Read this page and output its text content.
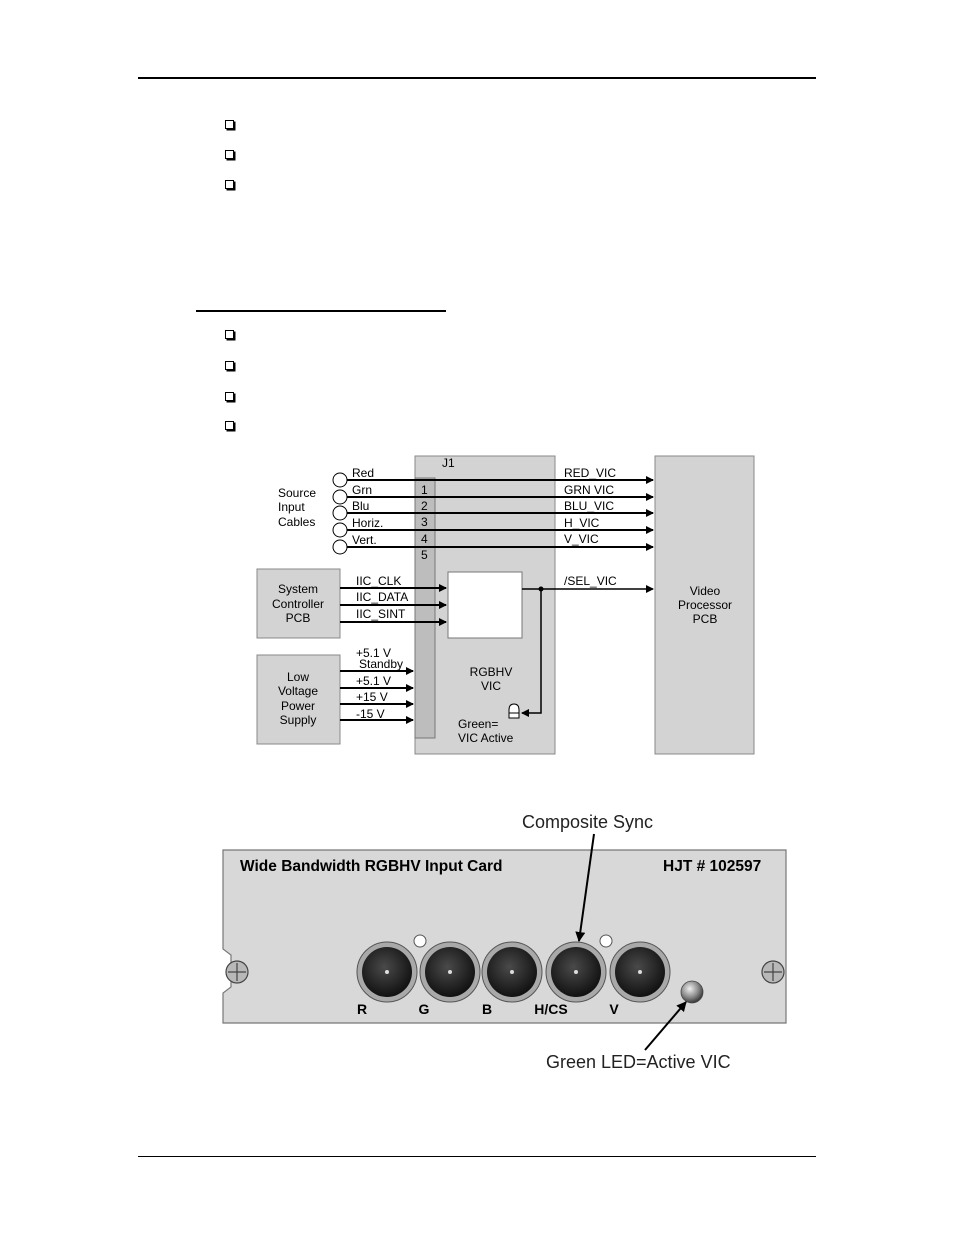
Source
Input
Cables
Red
Grn
Blu
Horiz.
Vert.
J1
1
2
3
4
5
RED_VIC
GRN VIC
BLU_VIC
H_VIC
V_VIC
System
Controller
PCB
IIC_CLK
IIC_DATA
IIC_SINT
/SEL_VIC
Video
Processor
PCB
Low
Voltage
Power
Supply
+5.1 V
Standby
+5.1 V
+15 V
-15 V
RGBHV
VIC
Green=
VIC Active
Composite Sync
Wide Bandwidth RGBHV Input Card	HJT # 102597
R	G	B	H/CS	V
Green LED=Active VIC
